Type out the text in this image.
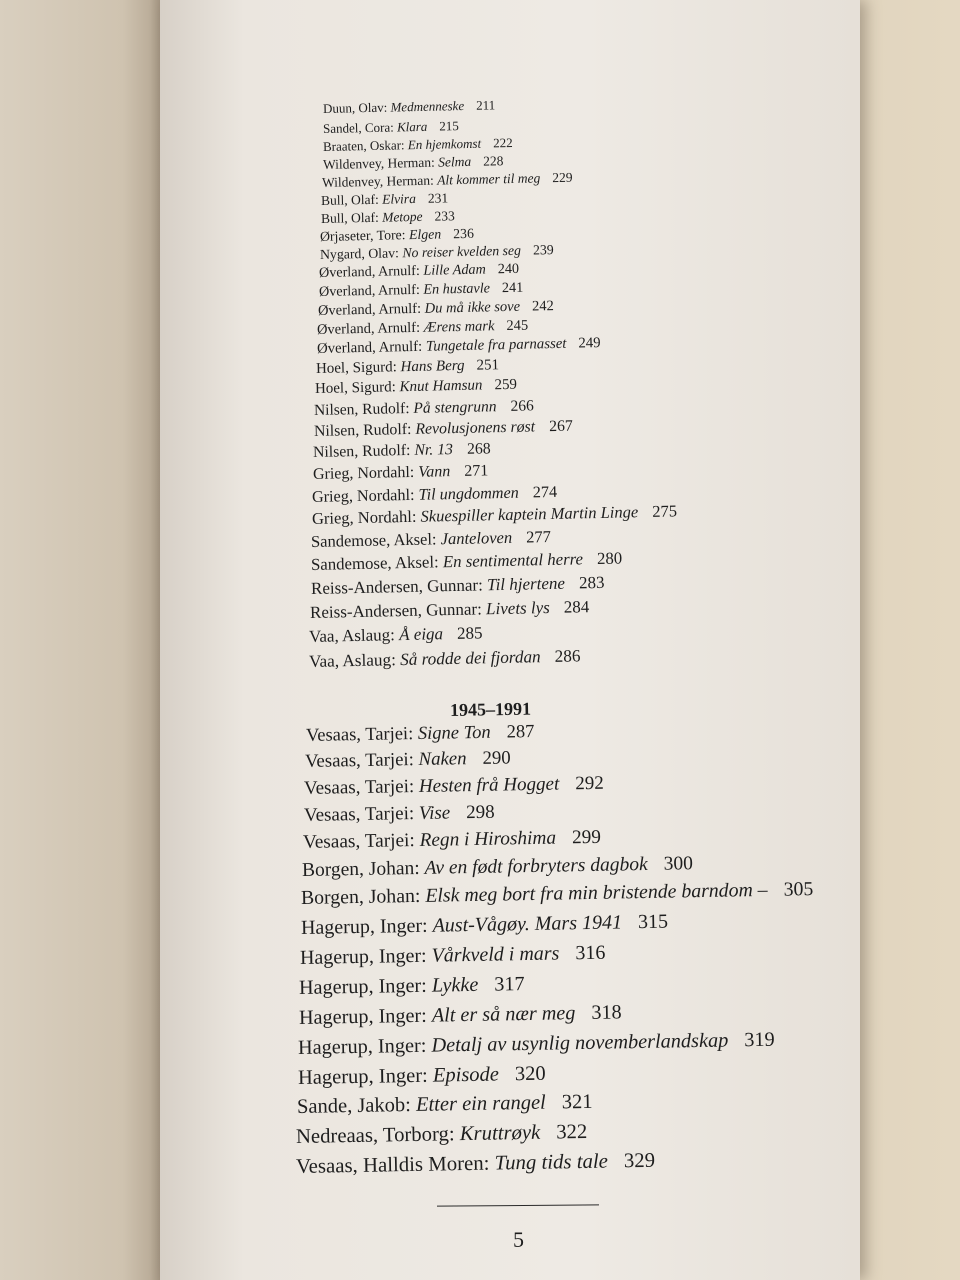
1945–1991
Duun, Olav: Medmenneske 211
Sandel, Cora: Klara 215
Braaten, Oskar: En hjemkomst 222
Wildenvey, Herman: Selma 228
Wildenvey, Herman: Alt kommer til meg 229
Bull, Olaf: Elvira 231
Bull, Olaf: Metope 233
Ørjaseter, Tore: Elgen 236
Nygard, Olav: No reiser kvelden seg 239
Øverland, Arnulf: Lille Adam 240
Øverland, Arnulf: En hustavle 241
Øverland, Arnulf: Du må ikke sove 242
Øverland, Arnulf: Ærens mark 245
Øverland, Arnulf: Tungetale fra parnasset 249
Hoel, Sigurd: Hans Berg 251
Hoel, Sigurd: Knut Hamsun 259
Nilsen, Rudolf: På stengrunn 266
Nilsen, Rudolf: Revolusjonens røst 267
Nilsen, Rudolf: Nr. 13 268
Grieg, Nordahl: Vann 271
Grieg, Nordahl: Til ungdommen 274
Grieg, Nordahl: Skuespiller kaptein Martin Linge 275
Sandemose, Aksel: Janteloven 277
Sandemose, Aksel: En sentimental herre 280
Reiss-Andersen, Gunnar: Til hjertene 283
Reiss-Andersen, Gunnar: Livets lys 284
Vaa, Aslaug: Å eiga 285
Vaa, Aslaug: Så rodde dei fjordan 286
Vesaas, Tarjei: Signe Ton 287
Vesaas, Tarjei: Naken 290
Vesaas, Tarjei: Hesten frå Hogget 292
Vesaas, Tarjei: Vise 298
Vesaas, Tarjei: Regn i Hiroshima 299
Borgen, Johan: Av en født forbryters dagbok 300
Borgen, Johan: Elsk meg bort fra min bristende barndom – 305
Hagerup, Inger: Aust-Vågøy. Mars 1941 315
Hagerup, Inger: Vårkveld i mars 316
Hagerup, Inger: Lykke 317
Hagerup, Inger: Alt er så nær meg 318
Hagerup, Inger: Detalj av usynlig novemberlandskap 319
Hagerup, Inger: Episode 320
Sande, Jakob: Etter ein rangel 321
Nedreaas, Torborg: Kruttrøyk 322
Vesaas, Halldis Moren: Tung tids tale 329
5
